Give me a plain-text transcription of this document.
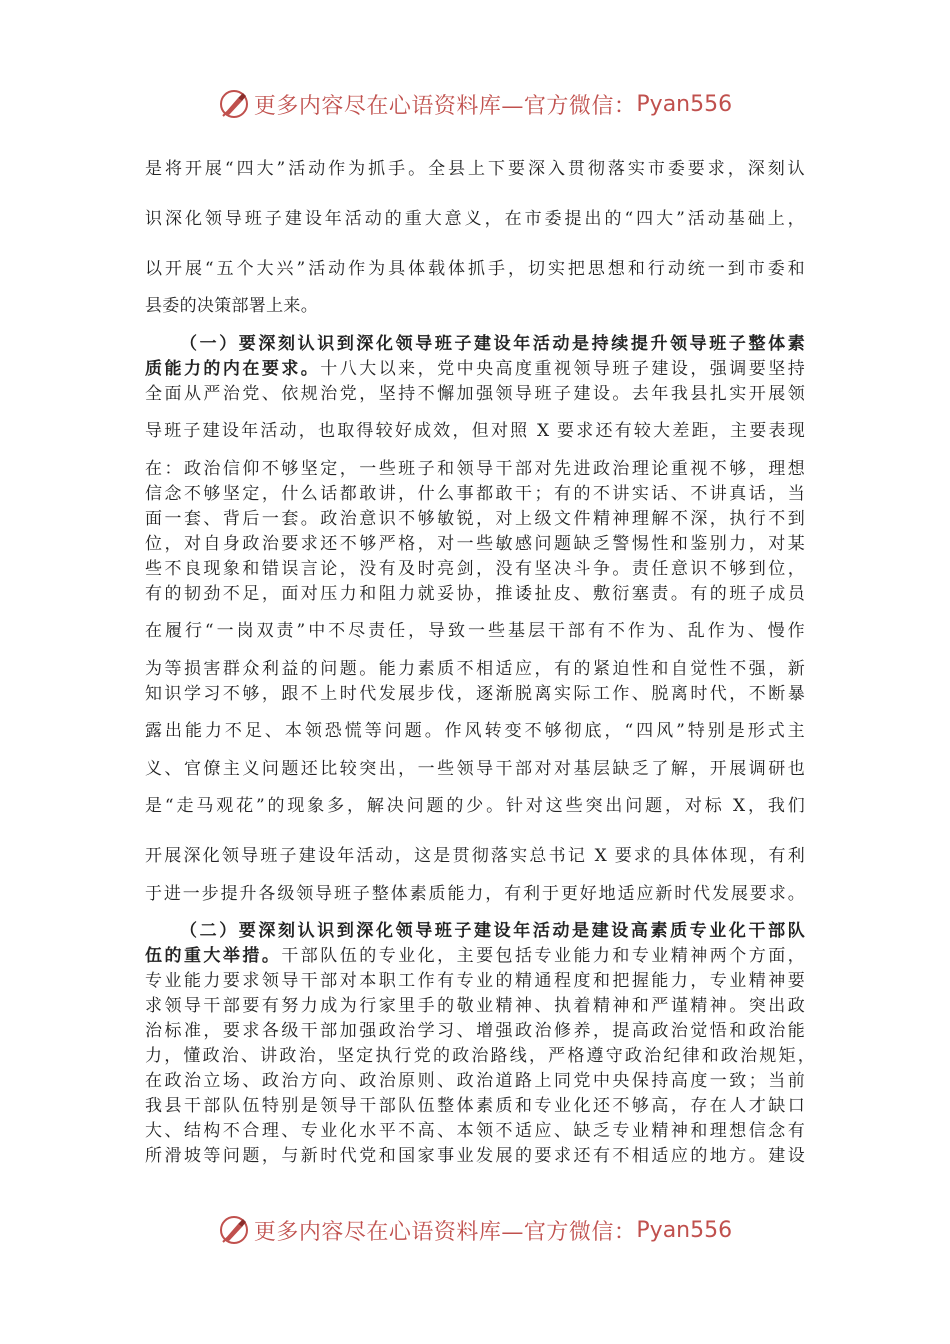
更多内容尽在心语资料库—官方微信： Pyan556
是将开展“四大”活动作为抓手。全县上下要深入贯彻落实市委要求，深刻认
识深化领导班子建设年活动的重大意义，在市委提出的“四大”活动基础上，
以开展“五个大兴”活动作为具体载体抓手，切实把思想和行动统一到市委和
县委的决策部署上来。
（一）要深刻认识到深化领导班子建设年活动是持续提升领导班子整体素
质能力的内在要求。十八大以来，党中央高度重视领导班子建设，强调要坚持
全面从严治党、依规治党，坚持不懈加强领导班子建设。去年我县扎实开展领
导班子建设年活动，也取得较好成效，但对照 X 要求还有较大差距，主要表现
在：政治信仰不够坚定，一些班子和领导干部对先进政治理论重视不够，理想
信念不够坚定，什么话都敢讲，什么事都敢干；有的不讲实话、不讲真话，当
面一套、背后一套。政治意识不够敏锐，对上级文件精神理解不深，执行不到
位，对自身政治要求还不够严格，对一些敏感问题缺乏警惕性和鉴别力，对某
些不良现象和错误言论，没有及时亮剑，没有坚决斗争。责任意识不够到位，
有的韧劲不足，面对压力和阻力就妥协，推诿扯皮、敷衍塞责。有的班子成员
在履行“一岗双责”中不尽责任，导致一些基层干部有不作为、乱作为、慢作
为等损害群众利益的问题。能力素质不相适应，有的紧迫性和自觉性不强，新
知识学习不够，跟不上时代发展步伐，逐渐脱离实际工作、脱离时代，不断暴
露出能力不足、本领恐慌等问题。作风转变不够彻底，“四风”特别是形式主
义、官僚主义问题还比较突出，一些领导干部对对基层缺乏了解，开展调研也
是“走马观花”的现象多，解决问题的少。针对这些突出问题，对标 X，我们
开展深化领导班子建设年活动，这是贯彻落实总书记 X 要求的具体体现，有利
于进一步提升各级领导班子整体素质能力，有利于更好地适应新时代发展要求。
（二）要深刻认识到深化领导班子建设年活动是建设高素质专业化干部队
伍的重大举措。干部队伍的专业化，主要包括专业能力和专业精神两个方面，
专业能力要求领导干部对本职工作有专业的精通程度和把握能力，专业精神要
求领导干部要有努力成为行家里手的敬业精神、执着精神和严谨精神。突出政
治标准，要求各级干部加强政治学习、增强政治修养，提高政治觉悟和政治能
力，懂政治、讲政治，坚定执行党的政治路线，严格遵守政治纪律和政治规矩，
在政治立场、政治方向、政治原则、政治道路上同党中央保持高度一致；当前
我县干部队伍特别是领导干部队伍整体素质和专业化还不够高，存在人才缺口
大、结构不合理、专业化水平不高、本领不适应、缺乏专业精神和理想信念有
所滑坡等问题，与新时代党和国家事业发展的要求还有不相适应的地方。建设
更多内容尽在心语资料库—官方微信： Pyan556
